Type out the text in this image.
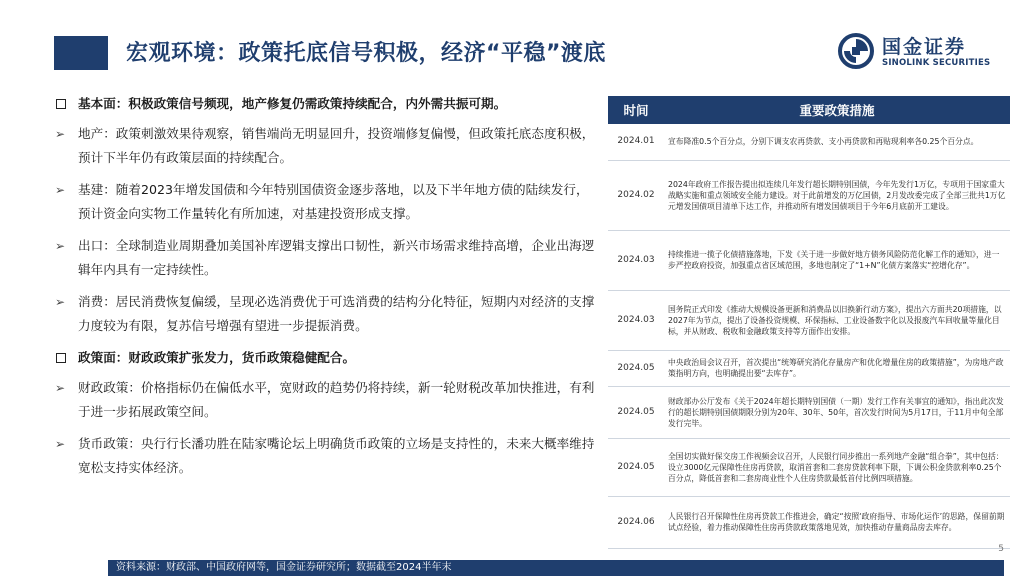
宏观环境：政策托底信号积极，经济“平稳”渡底	国金证券
SINOLINK SECURITIES
基本面：积极政策信号频现，地产修复仍需政策持续配合，内外需共振可期。
➢ 地产：政策刺激效果待观察，销售端尚无明显回升，投资端修复偏慢，但政策托底态度积极，预计下半年仍有政策层面的持续配合。
➢ 基建：随着2023年增发国债和今年特别国债资金逐步落地，以及下半年地方债的陆续发行，预计资金向实物工作量转化有所加速，对基建投资形成支撑。
➢ 出口：全球制造业周期叠加美国补库逻辑支撑出口韧性，新兴市场需求维持高增，企业出海逻辑年内具有一定持续性。
➢ 消费：居民消费恢复偏缓，呈现必选消费优于可选消费的结构分化特征，短期内对经济的支撑力度较为有限，复苏信号增强有望进一步提振消费。
政策面：财政政策扩张发力，货币政策稳健配合。
➢ 财政政策：价格指标仍在偏低水平，宽财政的趋势仍将持续，新一轮财税改革加快推进，有利于进一步拓展政策空间。
➢ 货币政策：央行行长潘功胜在陆家嘴论坛上明确货币政策的立场是支持性的，未来大概率维持宽松支持实体经济。
时间	重要政策措施
2024.01	宣布降准0.5个百分点，分别下调支农再贷款、支小再贷款和再贴现利率各0.25个百分点。
2024.02	2024年政府工作报告提出拟连续几年发行超长期特别国债，今年先发行1万亿，专项用于国家重大战略实施和重点领域安全能力建设。对于此前增发的万亿国债，2月发改委完成了全部三批共1万亿元增发国债项目清单下达工作，并推动所有增发国债项目于今年6月底前开工建设。
2024.03	持续推进一揽子化债措施落地，下发《关于进一步做好地方债务风险防范化解工作的通知》，进一步严控政府投资，加强重点省区域范围，多地也制定了“1+N”化债方案落实“控增化存”。
2024.03	国务院正式印发《推动大规模设备更新和消费品以旧换新行动方案》，提出六方面共20项措施，以2027年为节点，提出了设备投资规模、环保指标、工业设备数字化以及报废汽车回收量等量化目标，并从财政、税收和金融政策支持等方面作出安排。
2024.05	中央政治局会议召开，首次提出“统筹研究消化存量房产和优化增量住房的政策措施”，为房地产政策指明方向，也明确提出要“去库存”。
2024.05	财政部办公厅发布《关于2024年超长期特别国债（一期）发行工作有关事宜的通知》，指出此次发行的超长期特别国债期限分别为20年、30年、50年，首次发行时间为5月17日，于11月中旬全部发行完毕。
2024.05	全国切实做好保交房工作视频会议召开，人民银行同步推出一系列地产金融“组合拳”，其中包括：设立3000亿元保障性住房再贷款，取消首套和二套房贷款利率下限，下调公积金贷款利率0.25个百分点，降低首套和二套房商业性个人住房贷款最低首付比例四项措施。
2024.06	人民银行召开保障性住房再贷款工作推进会，确定“按照‘政府指导、市场化运作’的思路，保留前期试点经验，着力推动保障性住房再贷款政策落地见效，加快推动存量商品房去库存。
5
资料来源：财政部、中国政府网等，国金证券研究所；数据截至2024半年末
